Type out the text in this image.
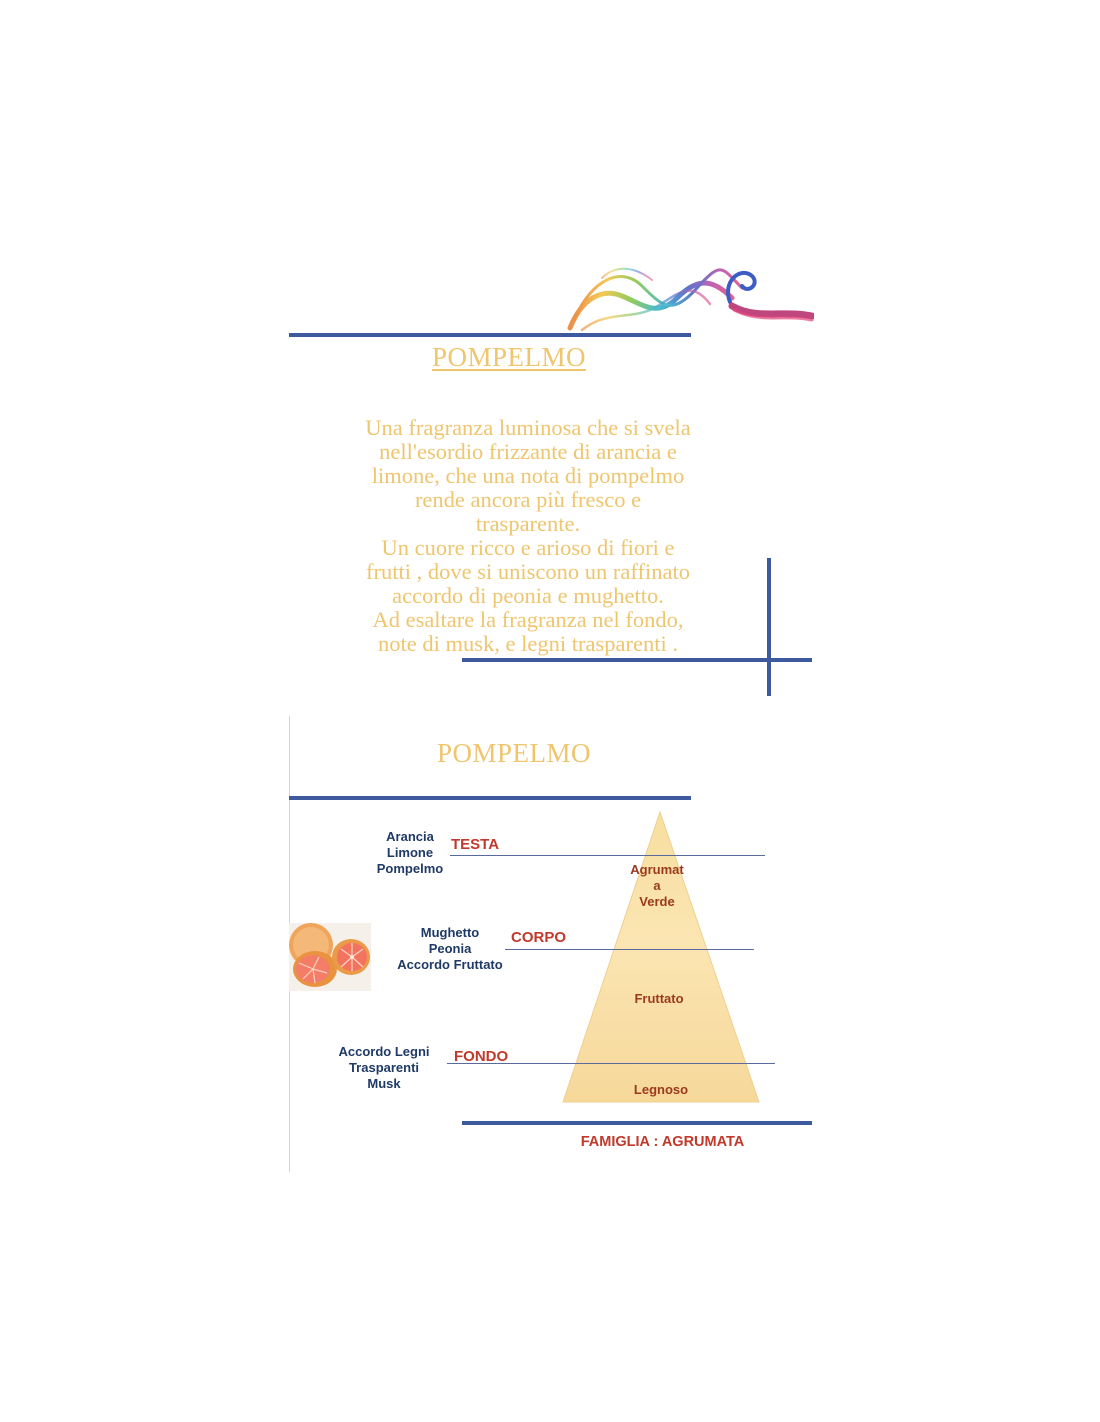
POMPELMO
Una fragranza luminosa che si svela
nell'esordio frizzante di arancia e
limone, che una nota di pompelmo
rende ancora più fresco e
trasparente.
Un cuore ricco e arioso di fiori e
frutti , dove si uniscono un raffinato
accordo di peonia e mughetto.
Ad esaltare la fragranza nel fondo,
note di musk, e legni trasparenti .
POMPELMO
Arancia
Limone
Pompelmo
TESTA
Agrumat
a
Verde
Mughetto
Peonia
Accordo Fruttato
CORPO
Fruttato
Accordo Legni
Trasparenti
Musk
FONDO
Legnoso
FAMIGLIA : AGRUMATA
